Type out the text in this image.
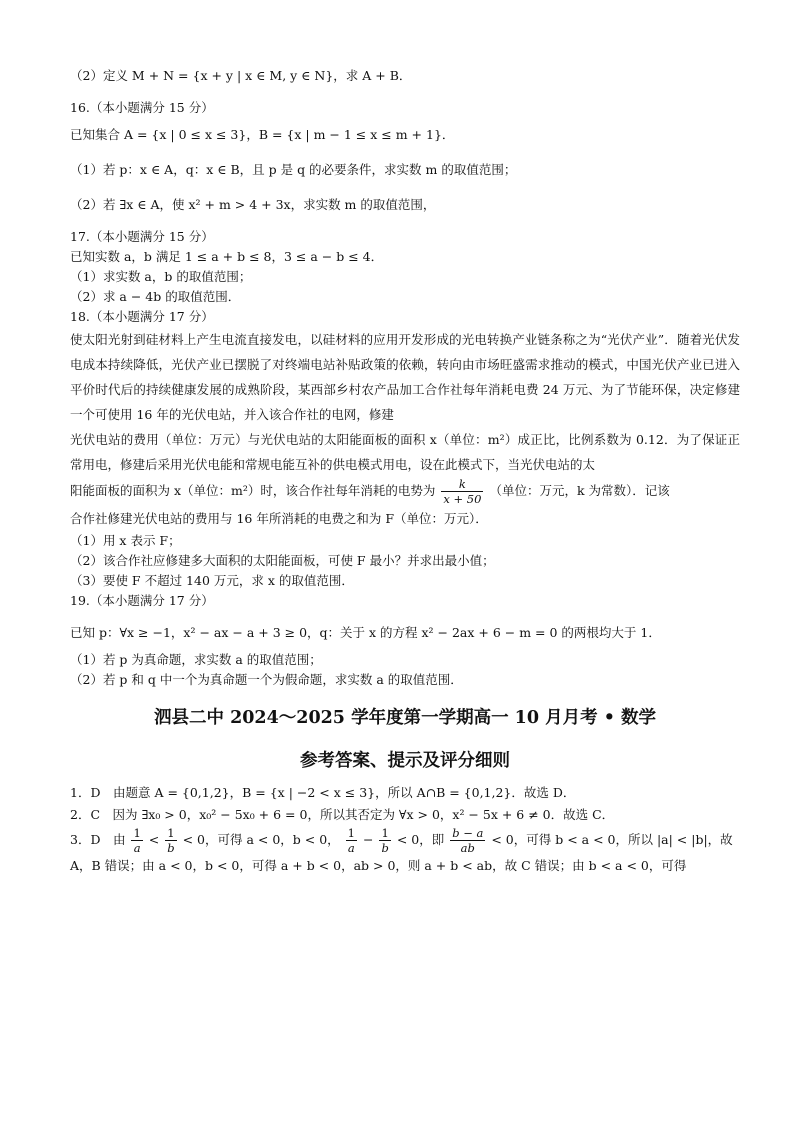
（2）定义 M + N = {x + y | x ∈ M, y ∈ N}，求 A + B．

16.（本小题满分 15 分）

已知集合 A = {x | 0 ≤ x ≤ 3}，B = {x | m − 1 ≤ x ≤ m + 1}．

（1）若 p：x ∈ A，q：x ∈ B，且 p 是 q 的必要条件，求实数 m 的取值范围；

（2）若 ∃x ∈ A，使 x² + m > 4 + 3x，求实数 m 的取值范围，

17.（本小题满分 15 分）

已知实数 a，b 满足 1 ≤ a + b ≤ 8，3 ≤ a − b ≤ 4．

（1）求实数 a，b 的取值范围；

（2）求 a − 4b 的取值范围．

18.（本小题满分 17 分）

使太阳光射到硅材料上产生电流直接发电，以硅材料的应用开发形成的光电转换产业链条称之为“光伏产业”．随着光伏发电成本持续降低，光伏产业已摆脱了对终端电站补贴政策的依赖，转向由市场旺盛需求推动的模式，中国光伏产业已进入平价时代后的持续健康发展的成熟阶段，某西部乡村农产品加工合作社每年消耗电费 24 万元、为了节能环保，决定修建一个可使用 16 年的光伏电站，并入该合作社的电网，修建

光伏电站的费用（单位：万元）与光伏电站的太阳能面板的面积 x（单位：m²）成正比，比例系数为 0.12．为了保证正常用电，修建后采用光伏电能和常规电能互补的供电模式用电，设在此模式下，当光伏电站的太

阳能面板的面积为 x（单位：m²）时，该合作社每年消耗的电势为 $\frac{k}{x + 50}$ （单位：万元，k 为常数）．记该

合作社修建光伏电站的费用与 16 年所消耗的电费之和为 F（单位：万元）．

（1）用 x 表示 F；

（2）该合作社应修建多大面积的太阳能面板，可使 F 最小？并求出最小值；

（3）要使 F 不超过 140 万元，求 x 的取值范围．

19.（本小题满分 17 分）

已知 p：∀x ≥ −1，x² − ax − a + 3 ≥ 0，q：关于 x 的方程 x² − 2ax + 6 − m = 0 的两根均大于 1．

（1）若 p 为真命题，求实数 a 的取值范围；

（2）若 p 和 q 中一个为真命题一个为假命题，求实数 a 的取值范围．

泗县二中 2024～2025 学年度第一学期高一 10 月月考 • 数学

参考答案、提示及评分细则

1．D　由题意 A = {0,1,2}，B = {x | −2 < x ≤ 3}，所以 A∩B = {0,1,2}．故选 D．

2．C　因为 ∃x₀ > 0，x₀² − 5x₀ + 6 = 0，所以其否定为 ∀x > 0，x² − 5x + 6 ≠ 0．故选 C．

3．D　由 $\frac{1}{a} < \frac{1}{b} < 0$，可得 a < 0，b < 0， $\frac{1}{a} - \frac{1}{b} < 0$，即 $\frac{b - a}{ab} < 0$，可得 b < a < 0，所以 |a| < |b|，故

A，B 错误；由 a < 0，b < 0，可得 a + b < 0，ab > 0，则 a + b < ab，故 C 错误；由 b < a < 0，可得
